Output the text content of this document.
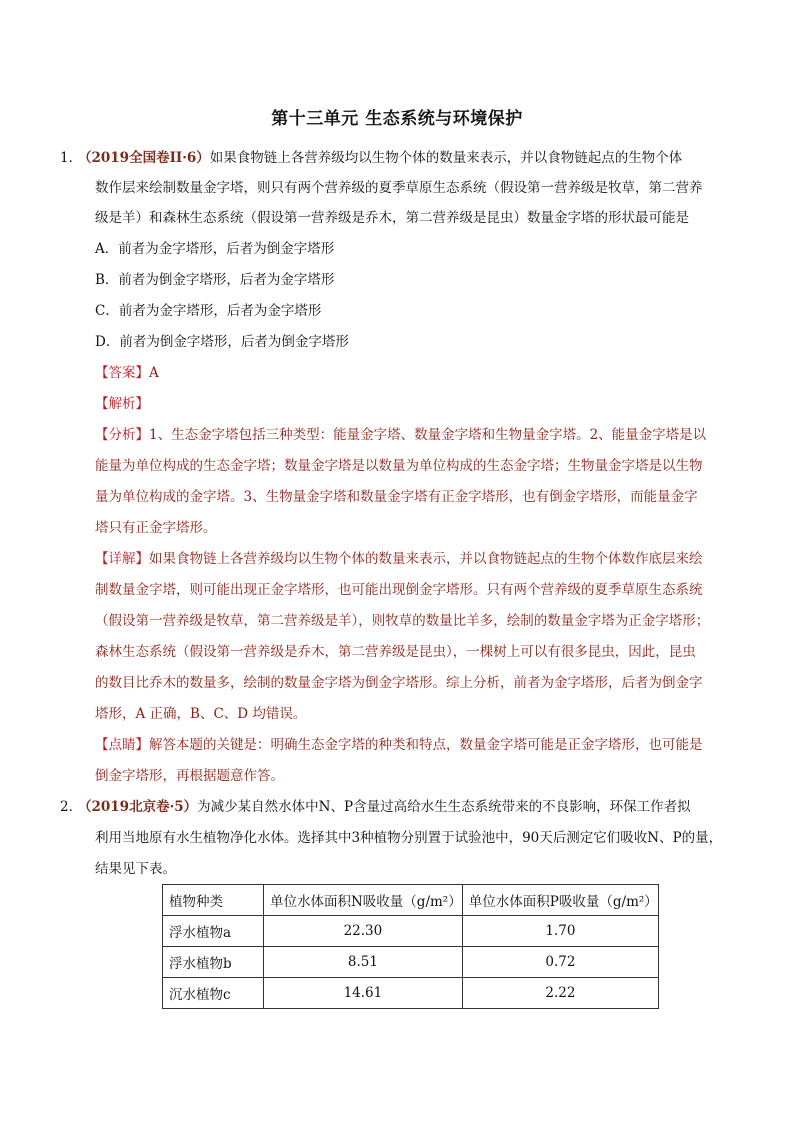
第十三单元 生态系统与环境保护
1．
（2019全国卷II·6）如果食物链上各营养级均以生物个体的数量来表示，并以食物链起点的生物个体
数作层来绘制数量金字塔，则只有两个营养级的夏季草原生态系统（假设第一营养级是牧草，第二营养
级是羊）和森林生态系统（假设第一营养级是乔木，第二营养级是昆虫）数量金字塔的形状最可能是
A．前者为金字塔形，后者为倒金字塔形
B．前者为倒金字塔形，后者为金字塔形
C．前者为金字塔形，后者为金字塔形
D．前者为倒金字塔形，后者为倒金字塔形
【答案】A
【解析】
【分析】1、生态金字塔包括三种类型：能量金字塔、数量金字塔和生物量金字塔。2、能量金字塔是以
能量为单位构成的生态金字塔；数量金字塔是以数量为单位构成的生态金字塔；生物量金字塔是以生物
量为单位构成的金字塔。3、生物量金字塔和数量金字塔有正金字塔形，也有倒金字塔形，而能量金字
塔只有正金字塔形。
【详解】如果食物链上各营养级均以生物个体的数量来表示，并以食物链起点的生物个体数作底层来绘
制数量金字塔，则可能出现正金字塔形，也可能出现倒金字塔形。只有两个营养级的夏季草原生态系统
（假设第一营养级是牧草，第二营养级是羊），则牧草的数量比羊多，绘制的数量金字塔为正金字塔形；
森林生态系统（假设第一营养级是乔木，第二营养级是昆虫），一棵树上可以有很多昆虫，因此，昆虫
的数目比乔木的数量多，绘制的数量金字塔为倒金字塔形。综上分析，前者为金字塔形，后者为倒金字
塔形，A 正确，B、C、D 均错误。
【点睛】解答本题的关键是：明确生态金字塔的种类和特点，数量金字塔可能是正金字塔形，也可能是
倒金字塔形，再根据题意作答。
2．
（2019北京卷·5）为减少某自然水体中N、P含量过高给水生生态系统带来的不良影响，环保工作者拟
利用当地原有水生植物净化水体。选择其中3种植物分别置于试验池中，90天后测定它们吸收N、P的量，
结果见下表。
植物种类	单位水体面积N吸收量（g/m²）	单位水体面积P吸收量（g/m²）
浮水植物a	22.30	1.70
浮水植物b	8.51	0.72
沉水植物c	14.61	2.22
